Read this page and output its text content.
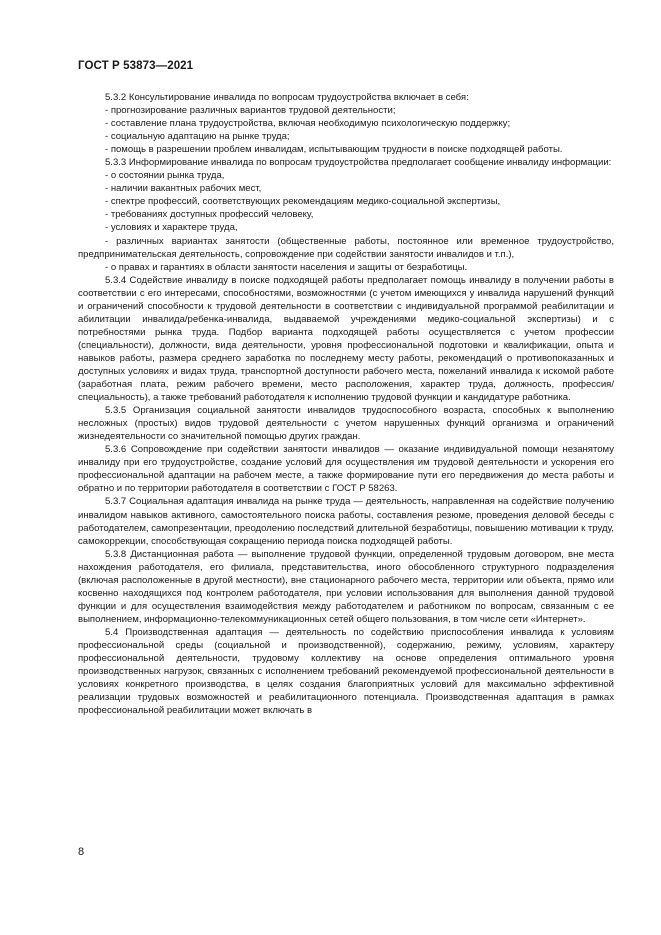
ГОСТ Р 53873—2021

5.3.2 Консультирование инвалида по вопросам трудоустройства включает в себя:

- прогнозирование различных вариантов трудовой деятельности;

- составление плана трудоустройства, включая необходимую психологическую поддержку;

- социальную адаптацию на рынке труда;

- помощь в разрешении проблем инвалидам, испытывающим трудности в поиске подходящей работы.

5.3.3 Информирование инвалида по вопросам трудоустройства предполагает сообщение инвалиду информации:

- о состоянии рынка труда,

- наличии вакантных рабочих мест,

- спектре профессий, соответствующих рекомендациям медико-социальной экспертизы,

- требованиях доступных профессий человеку,

- условиях и характере труда,

- различных вариантах занятости (общественные работы, постоянное или временное трудоустройство, предпринимательская деятельность, сопровождение при содействии занятости инвалидов и т.п.),

- о правах и гарантиях в области занятости населения и защиты от безработицы.

5.3.4 Содействие инвалиду в поиске подходящей работы предполагает помощь инвалиду в получении работы в соответствии с его интересами, способностями, возможностями (с учетом имеющихся у инвалида нарушений функций и ограничений способности к трудовой деятельности в соответствии с индивидуальной программой реабилитации и абилитации инвалида/ребенка-инвалида, выдаваемой учреждениями медико-социальной экспертизы) и с потребностями рынка труда. Подбор варианта подходящей работы осуществляется с учетом профессии (специальности), должности, вида деятельности, уровня профессиональной подготовки и квалификации, опыта и навыков работы, размера среднего заработка по последнему месту работы, рекомендаций о противопоказанных и доступных условиях и видах труда, транспортной доступности рабочего места, пожеланий инвалида к искомой работе (заработная плата, режим рабочего времени, место расположения, характер труда, должность, профессия/специальность), а также требований работодателя к исполнению трудовой функции и кандидатуре работника.

5.3.5 Организация социальной занятости инвалидов трудоспособного возраста, способных к выполнению несложных (простых) видов трудовой деятельности с учетом нарушенных функций организма и ограничений жизнедеятельности со значительной помощью других граждан.

5.3.6 Сопровождение при содействии занятости инвалидов — оказание индивидуальной помощи незанятому инвалиду при его трудоустройстве, создание условий для осуществления им трудовой деятельности и ускорения его профессиональной адаптации на рабочем месте, а также формирование пути его передвижения до места работы и обратно и по территории работодателя в соответствии с ГОСТ Р 58263.

5.3.7 Социальная адаптация инвалида на рынке труда — деятельность, направленная на содействие получению инвалидом навыков активного, самостоятельного поиска работы, составления резюме, проведения деловой беседы с работодателем, самопрезентации, преодолению последствий длительной безработицы, повышению мотивации к труду, самокоррекции, способствующая сокращению периода поиска подходящей работы.

5.3.8 Дистанционная работа — выполнение трудовой функции, определенной трудовым договором, вне места нахождения работодателя, его филиала, представительства, иного обособленного структурного подразделения (включая расположенные в другой местности), вне стационарного рабочего места, территории или объекта, прямо или косвенно находящихся под контролем работодателя, при условии использования для выполнения данной трудовой функции и для осуществления взаимодействия между работодателем и работником по вопросам, связанным с ее выполнением, информационно-телекоммуникационных сетей общего пользования, в том числе сети «Интернет».

5.4 Производственная адаптация — деятельность по содействию приспособления инвалида к условиям профессиональной среды (социальной и производственной), содержанию, режиму, условиям, характеру профессиональной деятельности, трудовому коллективу на основе определения оптимального уровня производственных нагрузок, связанных с исполнением требований рекомендуемой профессиональной деятельности в условиях конкретного производства, в целях создания благоприятных условий для максимально эффективной реализации трудовых возможностей и реабилитационного потенциала. Производственная адаптация в рамках профессиональной реабилитации может включать в

8
